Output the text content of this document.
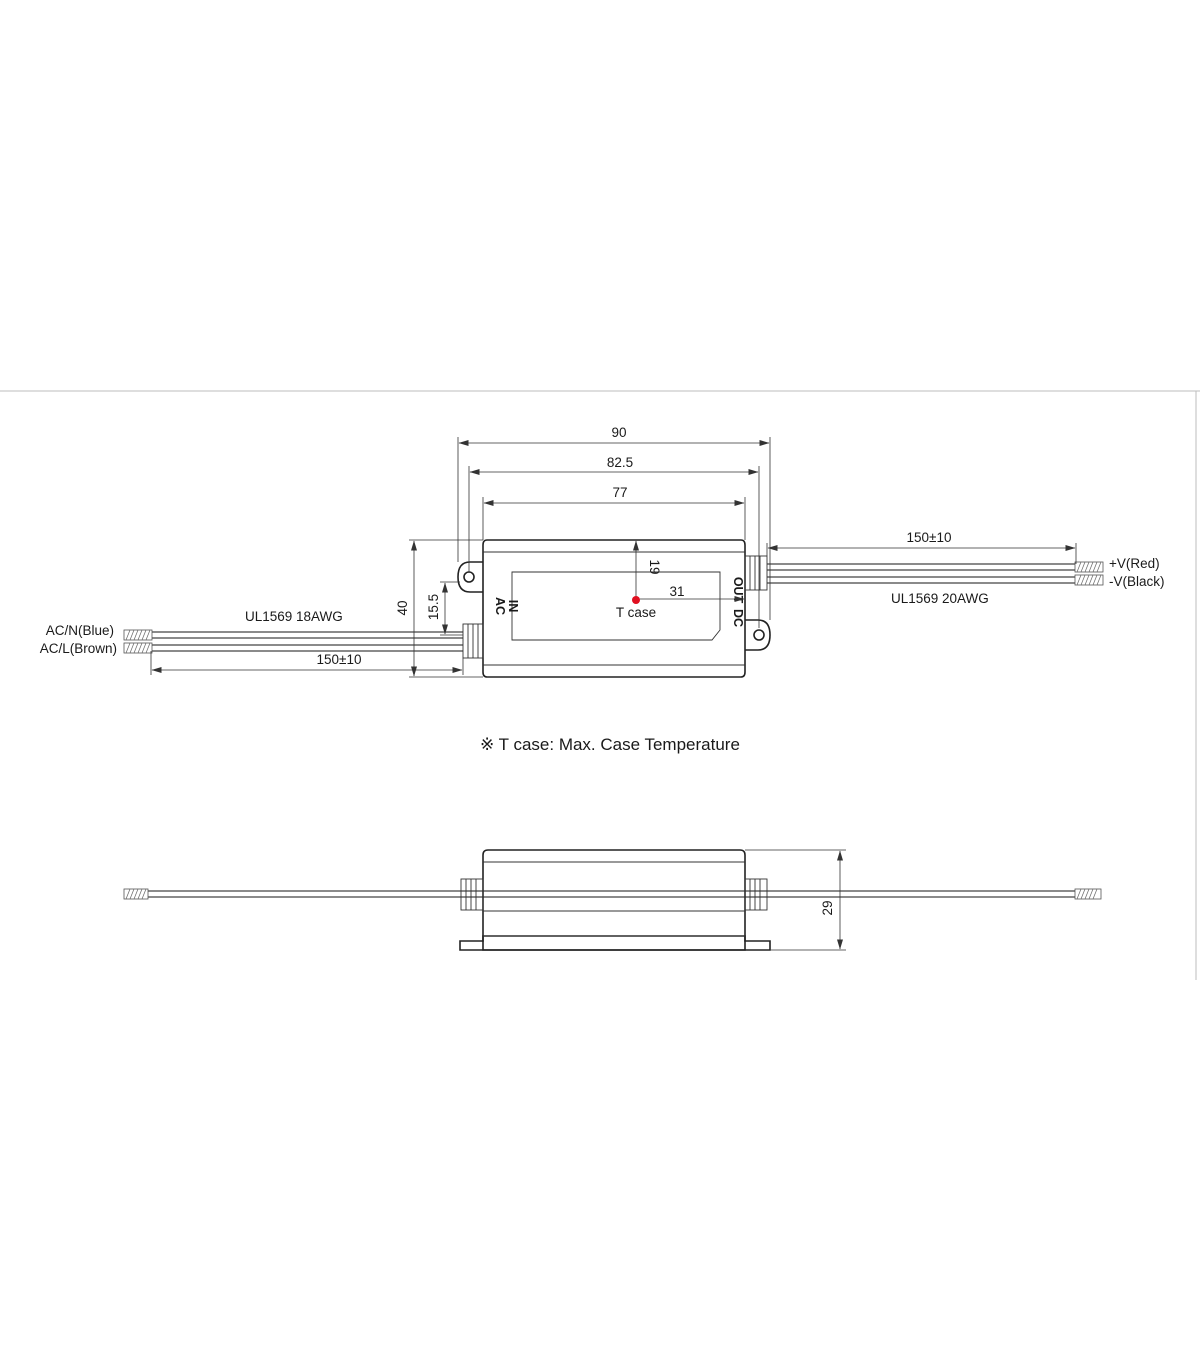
AC IN
DC
OUT
90
82.5
77
40 15.5
19
31
T case
150±10
150±10
UL1569 18AWG
UL1569 20AWG
AC/N(Blue)
AC/L(Brown)
+V(Red)
-V(Black)
※ T case: Max. Case Temperature
29
